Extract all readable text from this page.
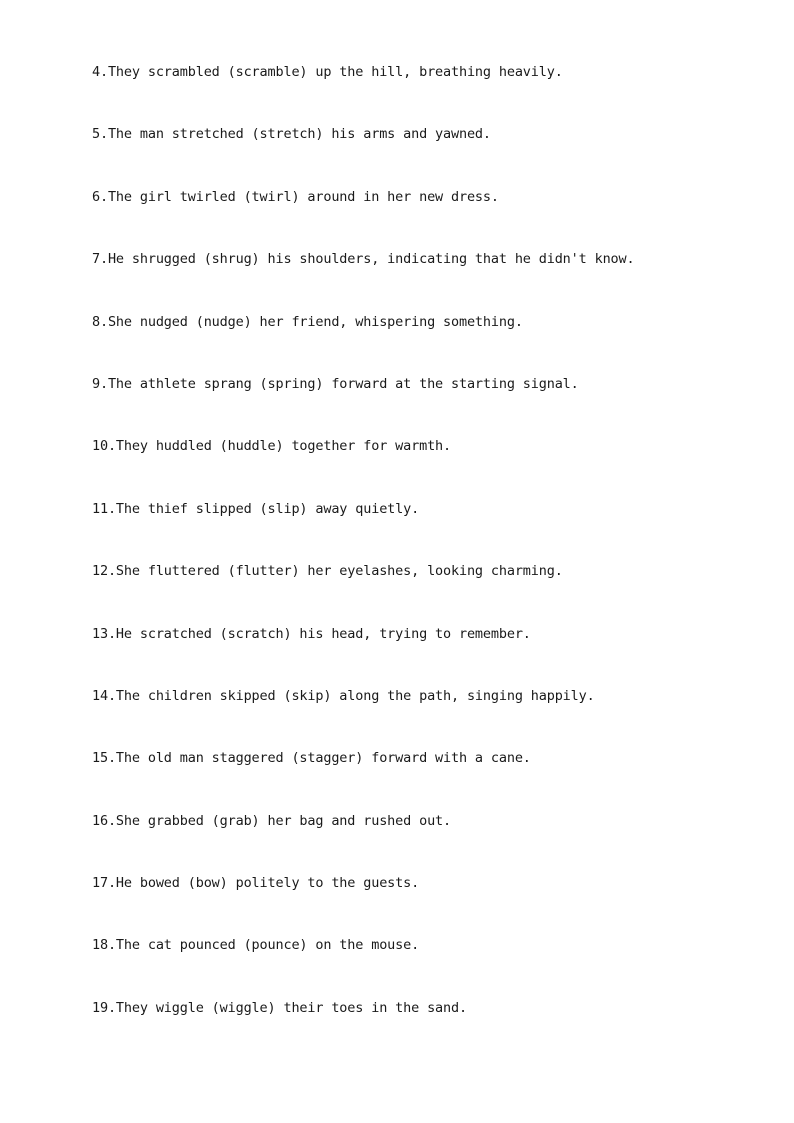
4.They scrambled (scramble) up the hill, breathing heavily.
5.The man stretched (stretch) his arms and yawned.
6.The girl twirled (twirl) around in her new dress.
7.He shrugged (shrug) his shoulders, indicating that he didn't know.
8.She nudged (nudge) her friend, whispering something.
9.The athlete sprang (spring) forward at the starting signal.
10.They huddled (huddle) together for warmth.
11.The thief slipped (slip) away quietly.
12.She fluttered (flutter) her eyelashes, looking charming.
13.He scratched (scratch) his head, trying to remember.
14.The children skipped (skip) along the path, singing happily.
15.The old man staggered (stagger) forward with a cane.
16.She grabbed (grab) her bag and rushed out.
17.He bowed (bow) politely to the guests.
18.The cat pounced (pounce) on the mouse.
19.They wiggle (wiggle) their toes in the sand.
